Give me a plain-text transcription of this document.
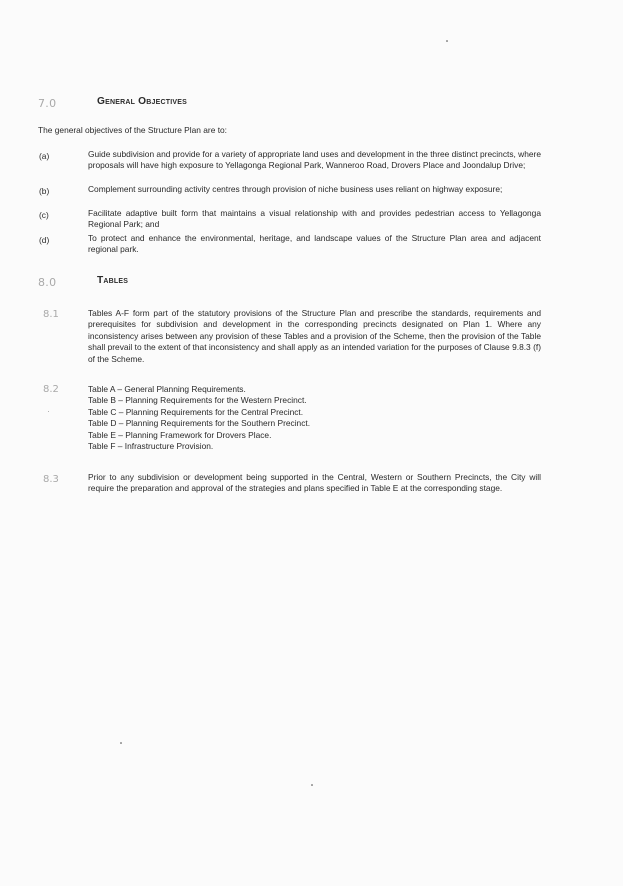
7.0	General Objectives
The general objectives of the Structure Plan are to:
(a)	Guide subdivision and provide for a variety of appropriate land uses and development in the three distinct precincts, where proposals will have high exposure to Yellagonga Regional Park, Wanneroo Road, Drovers Place and Joondalup Drive;
(b)	Complement surrounding activity centres through provision of niche business uses reliant on highway exposure;
(c)	Facilitate adaptive built form that maintains a visual relationship with and provides pedestrian access to Yellagonga Regional Park; and
(d)	To protect and enhance the environmental, heritage, and landscape values of the Structure Plan area and adjacent regional park.
8.0	Tables
8.1	Tables A-F form part of the statutory provisions of the Structure Plan and prescribe the standards, requirements and prerequisites for subdivision and development in the corresponding precincts designated on Plan 1. Where any inconsistency arises between any provision of these Tables and a provision of the Scheme, then the provision of the Table shall prevail to the extent of that inconsistency and shall apply as an intended variation for the purposes of Clause 9.8.3 (f) of the Scheme.
8.2	Table A – General Planning Requirements.
Table B – Planning Requirements for the Western Precinct.
Table C – Planning Requirements for the Central Precinct.
Table D – Planning Requirements for the Southern Precinct.
Table E – Planning Framework for Drovers Place.
Table F – Infrastructure Provision.
8.3	Prior to any subdivision or development being supported in the Central, Western or Southern Precincts, the City will require the preparation and approval of the strategies and plans specified in Table E at the corresponding stage.
